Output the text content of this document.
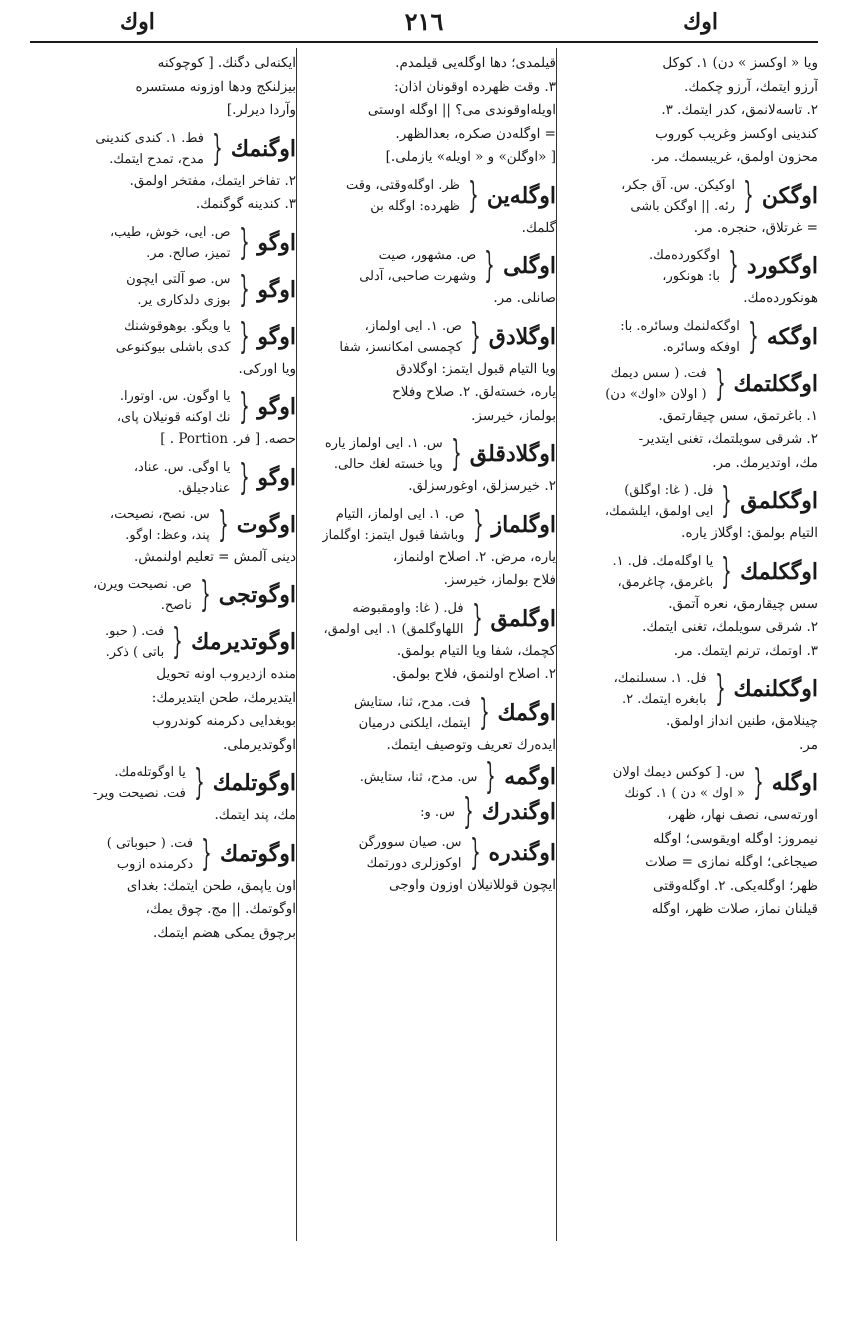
اوك	٢١٦	اوك
ویا « اوكسز » دن) ١. كوكل
آرزو ایتمك، آرزو چكمك.
٢. تاسەلانمق، كدر ایتمك. ٣.
كندینی اوكسز وغریب كوروب
محزون اولمق، غریبسمك. مر.
اوگكن
{
اوكیكن. س. آق جكر،
رئه. || اوگكن باشی
= غرتلاق، حنجره. مر.
اوگكورد
{
اوگكوردەمك.
با: هونكور،
هونكوردەمك.
اوگكه
{
اوگكەلنمك وسائره. با:
اوفكه وسائره.
اوگكلتمك
{
فت. ( سس دیمك
( اولان «اوك» دن)
١. باغرتمق، سس چیقارتمق.
٢. شرقی سویلتمك، تغنی ایتدیر-
مك، اوتدیرمك. مر.
اوگكلمق
{
فل. ( غا: اوگلق)
ایی اولمق، ایلشمك،
التیام بولمق: اوگلاز یاره.
اوگكلمك
{
یا اوگلەمك. فل. ١.
باغرمق، چاغرمق،
سس چیقارمق، نعره آتمق.
٢. شرقی سویلمك، تغنی ایتمك.
٣. اوتمك، ترنم ایتمك. مر.
اوگكلنمك
{
فل. ١. سسلنمك،
بابغره ایتمك. ٢.
چینلامق، طنین انداز اولمق.
مر.
اوگله
{
س. [ كوكس دیمك اولان
« اوك » دن ) ١. كونك
اورتەسی، نصف نهار، ظهر،
نیمروز: اوگله اویقوسی؛ اوگله
صیجاغی؛ اوگله نمازی = صلات
ظهر؛ اوگلەیكی. ٢. اوگلەوقتی
قیلنان نماز، صلات ظهر، اوگله
قیلمدی؛ دها اوگلەیی قیلمدم.
٣. وقت ظهرده اوقونان اذان:
اویلەاوقوندی می؟ || اوگله اوستی
= اوگلەدن صكره، بعدالظهر.
[ «اوگلن» و « اویله» یازملی.]
اوگلەین
{
ظر. اوگلەوقتی، وقت
ظهرده: اوگله بن
گلمك.
اوگلی
{
ص. مشهور، صیت
وشهرت صاحبی، آدلی
صانلی. مر.
اوگلادق
{
ص. ١. ایی اولماز،
كچمسی امكانسز، شفا
ویا التیام قبول ایتمز: اوگلادق
یاره، خستەلق. ٢. صلاح وفلاح
بولماز، خیرسز.
اوگلادقلق
{
س. ١. ایی اولماز یاره
ویا خسته لغك حالی.
٢. خیرسزلق، اوغورسزلق.
اوگلماز
{
ص. ١. ایی اولماز، التیام
وباشفا قبول ایتمز: اوگلماز
یاره، مرض. ٢. اصلاح اولنماز،
فلاح بولماز، خیرسز.
اوگلمق
{
فل. ( غا: واومقبوضه
اللهاوگلمق) ١. ایی اولمق،
كچمك، شفا ویا التیام بولمق.
٢. اصلاح اولنمق، فلاح بولمق.
اوگمك
{
فت. مدح، ثنا، ستایش
ایتمك، ایلكنی درمیان
ایدەرك تعریف وتوصیف ایتمك.
اوگمه
{
س. مدح، ثنا، ستایش.
اوگندرك
{
س. و:
اوگندره
{
س. صیان سوورگن
اوكوزلری دورتمك
ایچون قوللانیلان اوزون واوجی
ایكنەلی دگنك. [ كوچوكنه
بیزلنكج ودها اوزونه مستسره
وآردا دیرلر.]
اوگنمك
{
فط. ١. كندی كندینی
مدح، تمدح ایتمك.
٢. تفاخر ایتمك، مفتخر اولمق.
٣. كندینه گوگنمك.
اوگو
{
ص. ایی، خوش، طیب،
تمیز، صالح. مر.
اوگو
{
س. صو آلتی ایچون
بوزی دلدكاری یر.
اوگو
{
یا ویگو. بوهوقوشنك
كدی باشلی بیوكنوعی
ویا اوركی.
اوگو
{
یا اوگون. س. اوتورا.
نك اوكنه قونیلان پای،
حصه. [ فر. Portion . ]
اوگو
{
یا اوگی. س. عناد،
عنادجیلق.
اوگوت
{
س. نصح، نصیحت،
پند، وعظ: اوگو.
دینی آلمش = تعلیم اولنمش.
اوگوتجی
{
ص. نصیحت ویرن،
ناصح.
اوگوتدیرمك
{
فت. ( حبو.
باتی ) ذكر.
منده ازدیروب اونه تحویل
ایتدیرمك، طحن ایتدیرمك:
بوبغدایی دكرمنه كوندروب
اوگوتدیرملی.
اوگوتلمك
{
یا اوگوتلەمك.
فت. نصیحت ویر-
مك، پند ایتمك.
اوگوتمك
{
فت. ( حبوباتی )
دكرمنده ازوب
اون یاپمق، طحن ایتمك: بغدای
اوگوتمك. || مج. چوق یمك،
برچوق یمكی هضم ایتمك.
